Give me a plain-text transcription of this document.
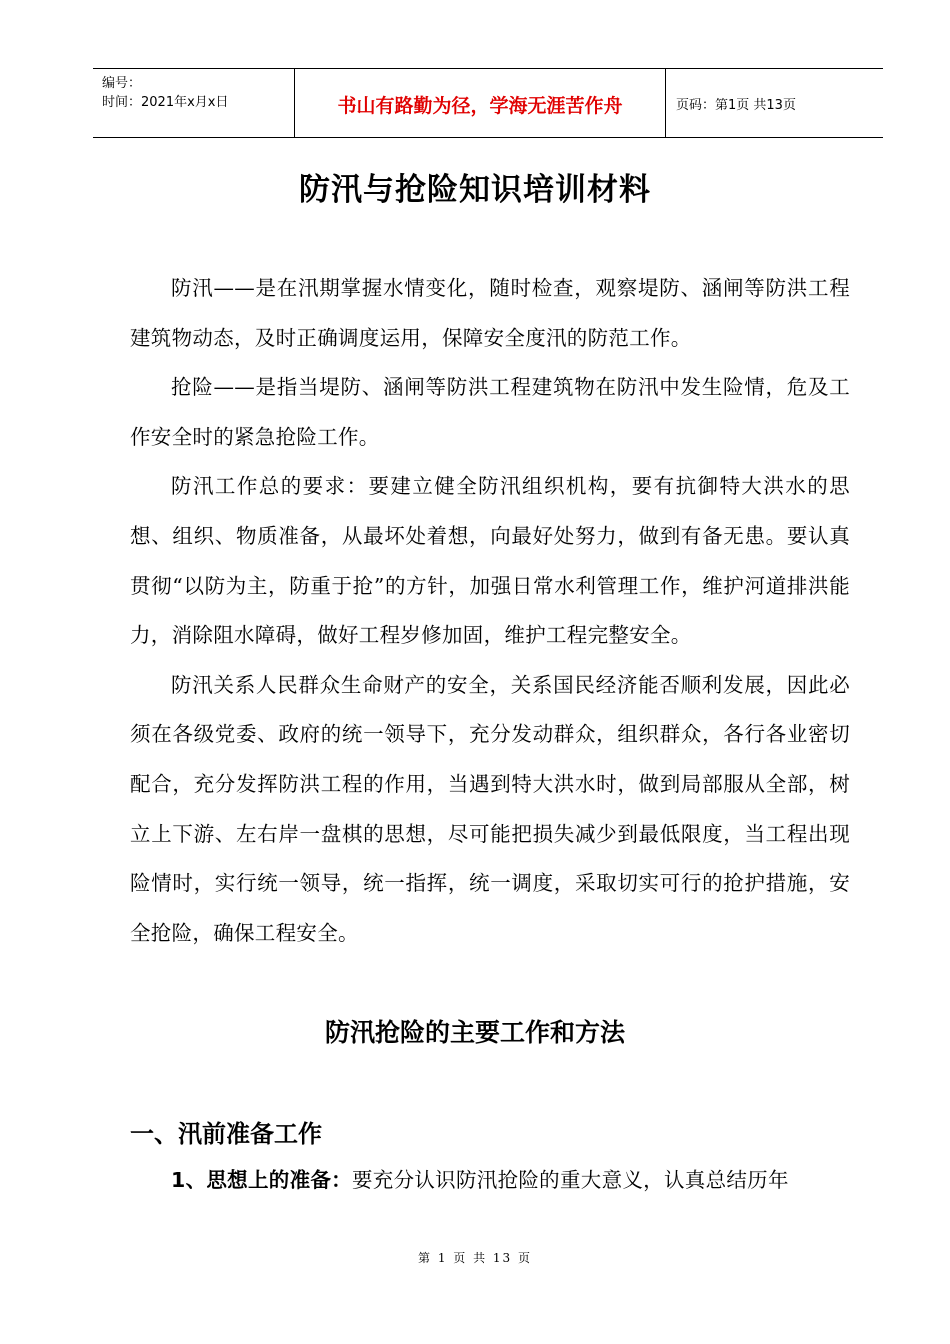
编号：
时间：2021年x月x日	书山有路勤为径，学海无涯苦作舟	页码：第1页 共13页
防汛与抢险知识培训材料

防汛——是在汛期掌握水情变化，随时检查，观察堤防、涵闸等防洪工程建筑物动态，及时正确调度运用，保障安全度汛的防范工作。

抢险——是指当堤防、涵闸等防洪工程建筑物在防汛中发生险情，危及工作安全时的紧急抢险工作。

防汛工作总的要求：要建立健全防汛组织机构，要有抗御特大洪水的思想、组织、物质准备，从最坏处着想，向最好处努力，做到有备无患。要认真贯彻“以防为主，防重于抢”的方针，加强日常水利管理工作，维护河道排洪能力，消除阻水障碍，做好工程岁修加固，维护工程完整安全。

防汛关系人民群众生命财产的安全，关系国民经济能否顺利发展，因此必须在各级党委、政府的统一领导下，充分发动群众，组织群众，各行各业密切配合，充分发挥防洪工程的作用，当遇到特大洪水时，做到局部服从全部，树立上下游、左右岸一盘棋的思想，尽可能把损失减少到最低限度，当工程出现险情时，实行统一领导，统一指挥，统一调度，采取切实可行的抢护措施，安全抢险，确保工程安全。

防汛抢险的主要工作和方法
一、汛前准备工作

1、思想上的准备：要充分认识防汛抢险的重大意义，认真总结历年

第 1 页 共 13 页
